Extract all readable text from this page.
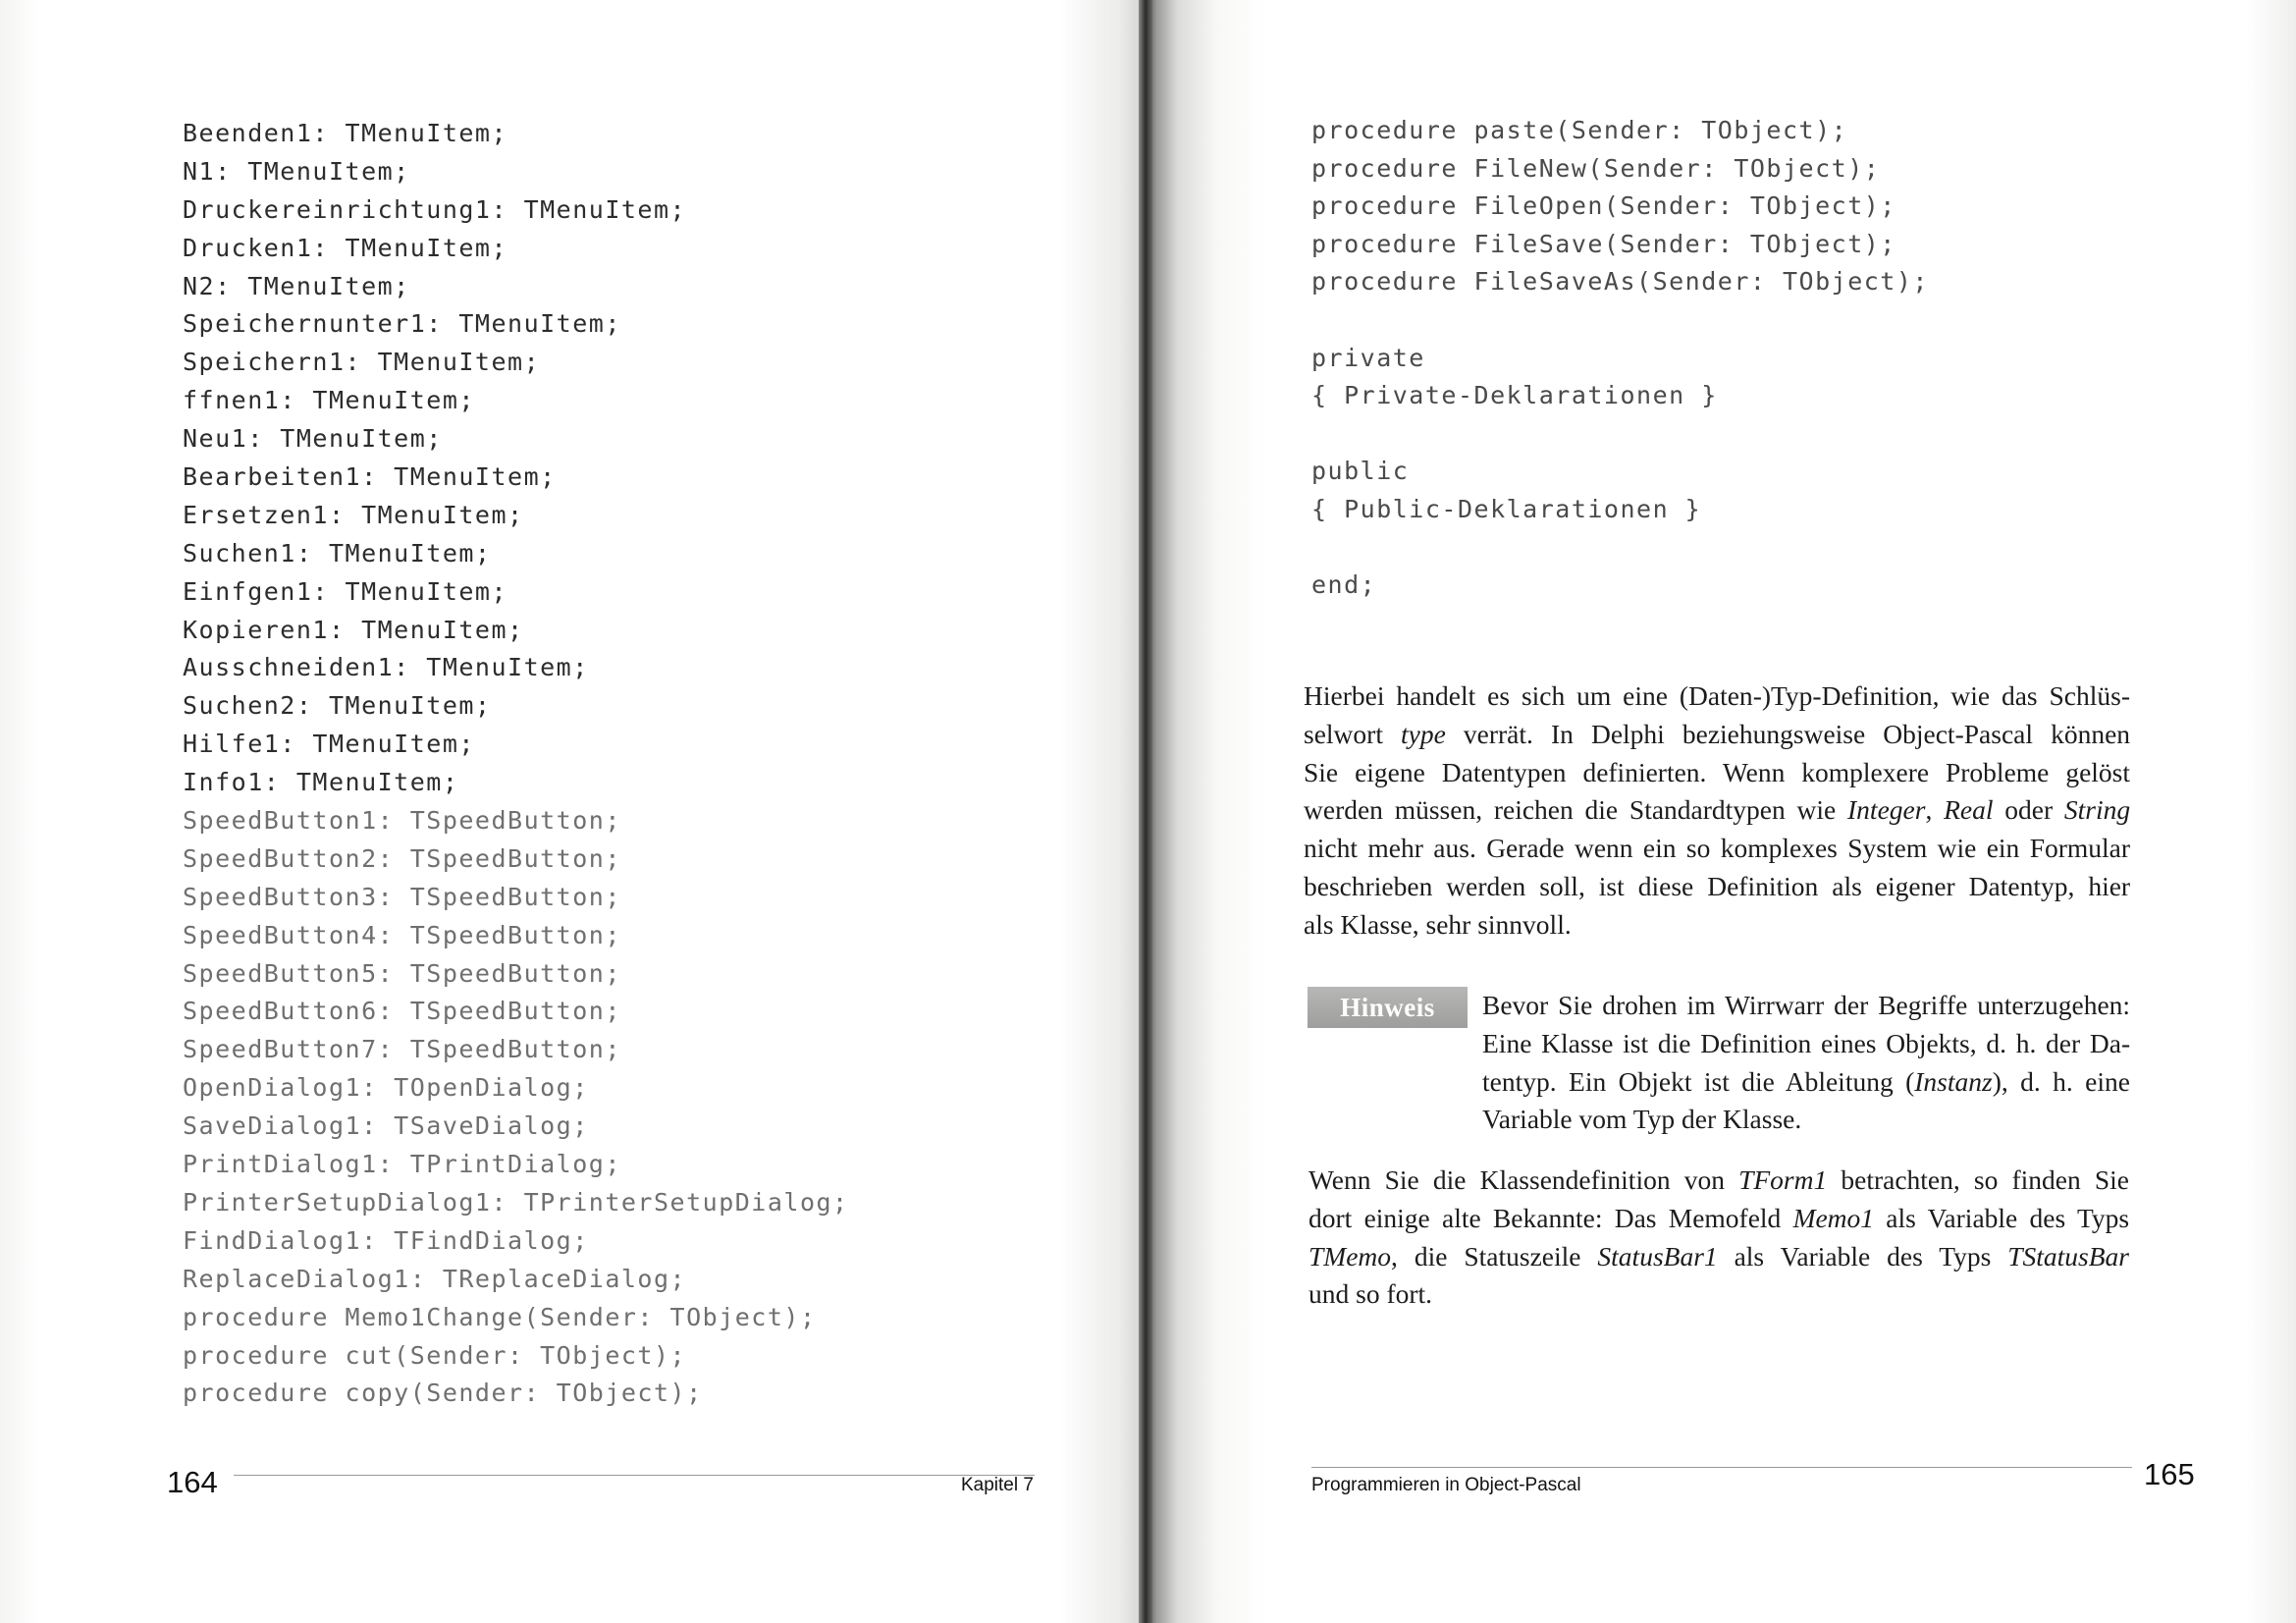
Beenden1: TMenuItem;
N1: TMenuItem;
Druckereinrichtung1: TMenuItem;
Drucken1: TMenuItem;
N2: TMenuItem;
Speichernunter1: TMenuItem;
Speichern1: TMenuItem;
ffnen1: TMenuItem;
Neu1: TMenuItem;
Bearbeiten1: TMenuItem;
Ersetzen1: TMenuItem;
Suchen1: TMenuItem;
Einfgen1: TMenuItem;
Kopieren1: TMenuItem;
Ausschneiden1: TMenuItem;
Suchen2: TMenuItem;
Hilfe1: TMenuItem;
Info1: TMenuItem;
SpeedButton1: TSpeedButton;
SpeedButton2: TSpeedButton;
SpeedButton3: TSpeedButton;
SpeedButton4: TSpeedButton;
SpeedButton5: TSpeedButton;
SpeedButton6: TSpeedButton;
SpeedButton7: TSpeedButton;
OpenDialog1: TOpenDialog;
SaveDialog1: TSaveDialog;
PrintDialog1: TPrintDialog;
PrinterSetupDialog1: TPrinterSetupDialog;
FindDialog1: TFindDialog;
ReplaceDialog1: TReplaceDialog;
procedure Memo1Change(Sender: TObject);
procedure cut(Sender: TObject);
procedure copy(Sender: TObject);
164	Kapitel 7
procedure paste(Sender: TObject);
procedure FileNew(Sender: TObject);
procedure FileOpen(Sender: TObject);
procedure FileSave(Sender: TObject);
procedure FileSaveAs(Sender: TObject);
private
{ Private-Deklarationen }
public
{ Public-Deklarationen }
end;
Hierbei handelt es sich um eine (Daten-)Typ-Definition, wie das Schlüs-
selwort type verrät. In Delphi beziehungsweise Object-Pascal können
Sie eigene Datentypen definierten. Wenn komplexere Probleme gelöst
werden müssen, reichen die Standardtypen wie Integer, Real oder String
nicht mehr aus. Gerade wenn ein so komplexes System wie ein Formular
beschrieben werden soll, ist diese Definition als eigener Datentyp, hier
als Klasse, sehr sinnvoll.
Hinweis	Bevor Sie drohen im Wirrwarr der Begriffe unterzugehen:
Eine Klasse ist die Definition eines Objekts, d. h. der Da-
tentyp. Ein Objekt ist die Ableitung (Instanz), d. h. eine
Variable vom Typ der Klasse.
Wenn Sie die Klassendefinition von TForm1 betrachten, so finden Sie
dort einige alte Bekannte: Das Memofeld Memo1 als Variable des Typs
TMemo, die Statuszeile StatusBar1 als Variable des Typs TStatusBar
und so fort.
Programmieren in Object-Pascal	165
